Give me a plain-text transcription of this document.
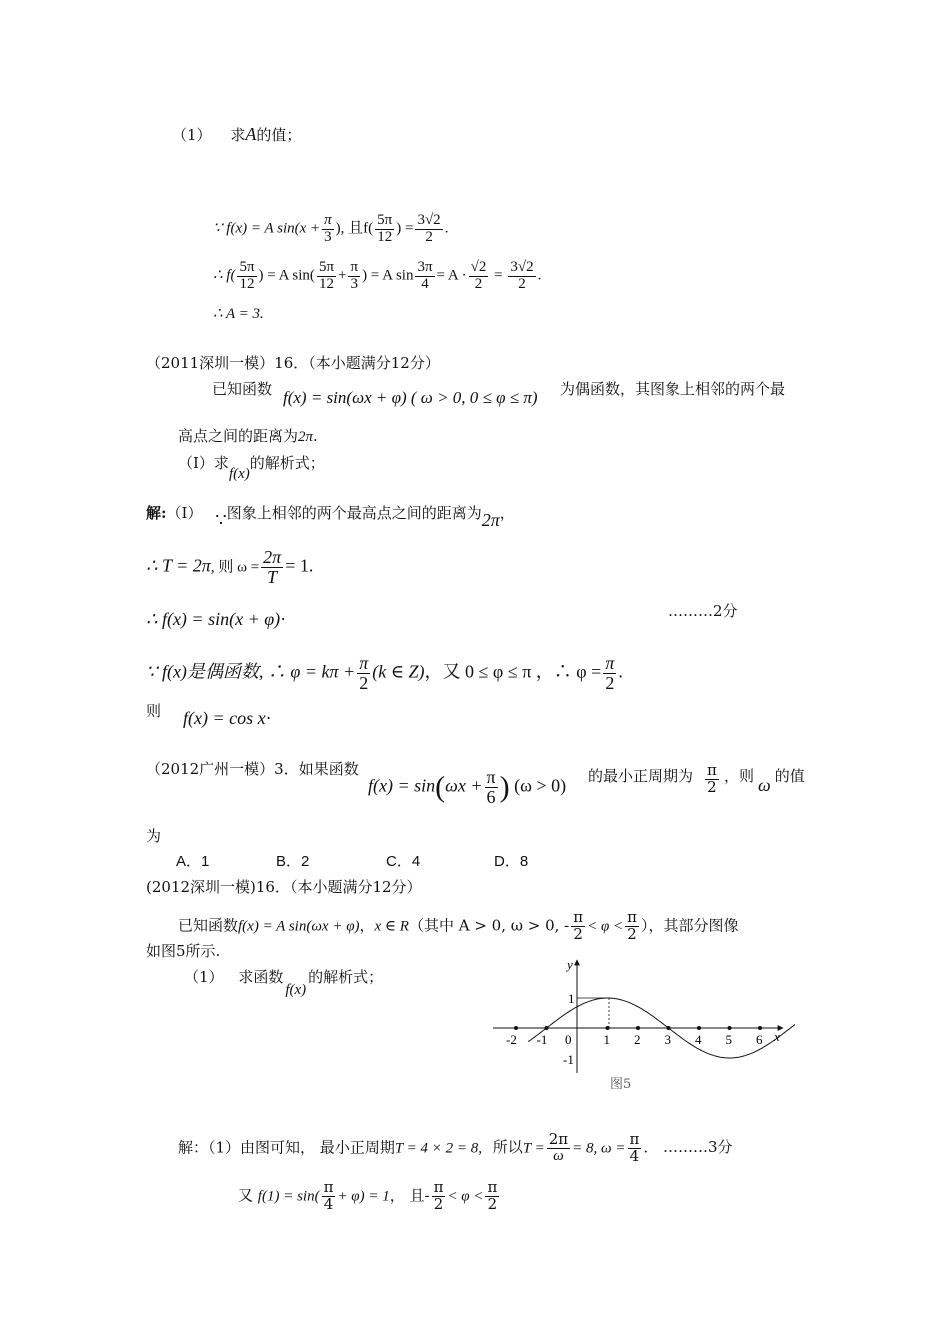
（1） 求A的值；
∵ f(x) = A $\sin(x + \frac{\pi}{3}$ ), 且$f( \frac{5\pi}{12}$ ) = $\frac{3√2}{2}$ .
∴ $f( \frac{5\pi}{12}$ ) = A $\sin( \frac{5\pi}{12} + \frac{\pi}{3}$ ) = A $\sin \frac{3\pi}{4} = A \cdot \frac{√2}{2} = \frac{3√2}{2}$ .
∴ A = 3.
（2011深圳一模）16．（本小题满分12分）
已知函数 f(x) = sin(ωx + φ) ( ω > 0, 0 ≤ φ ≤ π) 为偶函数，其图象上相邻的两个最
高点之间的距离为2π.
（Ⅰ）求f(x)的解析式；
解:（Ⅰ） ∵图象上相邻的两个最高点之间的距离为2π，
∴ T = 2π, 则 $\omega = \frac{2\pi}{T} = 1$.
∴ f(x) = sin(x + φ)·	………2分
∵ f(x)是偶函数, ∴ $\varphi = k\pi + \frac{\pi}{2} (k$ ∈ Z)，又 0 ≤ φ ≤ π ，∴ $\varphi = \frac{\pi}{2}$ .
则 f(x) = cos x·
（2012广州一模）3．如果函数
$f(x) = \sin(\omega x + \frac{\pi}{6}$ ) (ω > 0) 的最小正周期为 $\frac{\pi}{2}$ ，则 ω 的值
为
A．1	B．2	C．4	D．8
(2012深圳一模)16．（本小题满分12分）
已知函数f(x) = A sin(ωx + φ)，x ∈ R（其中 A > 0, ω > 0, - $\frac{\pi}{2} < \varphi < \frac{\pi}{2}$ ），其部分图像
如图5所示.
（1） 求函数f(x)的解析式；
y
x
1
-1
-2 -1 0 1 2 3 4 5 6
图5
解：（1）由图可知， 最小正周期T = 4 × 2 = 8, 所以$T = \frac{2\pi}{\omega} = 8$, $\omega = \frac{\pi}{4}$ . ………3分
又 $f(1) = \sin( \frac{\pi}{4} + \varphi) = 1$， 且- $\frac{\pi}{2} < \varphi < \frac{\pi}{2}$
